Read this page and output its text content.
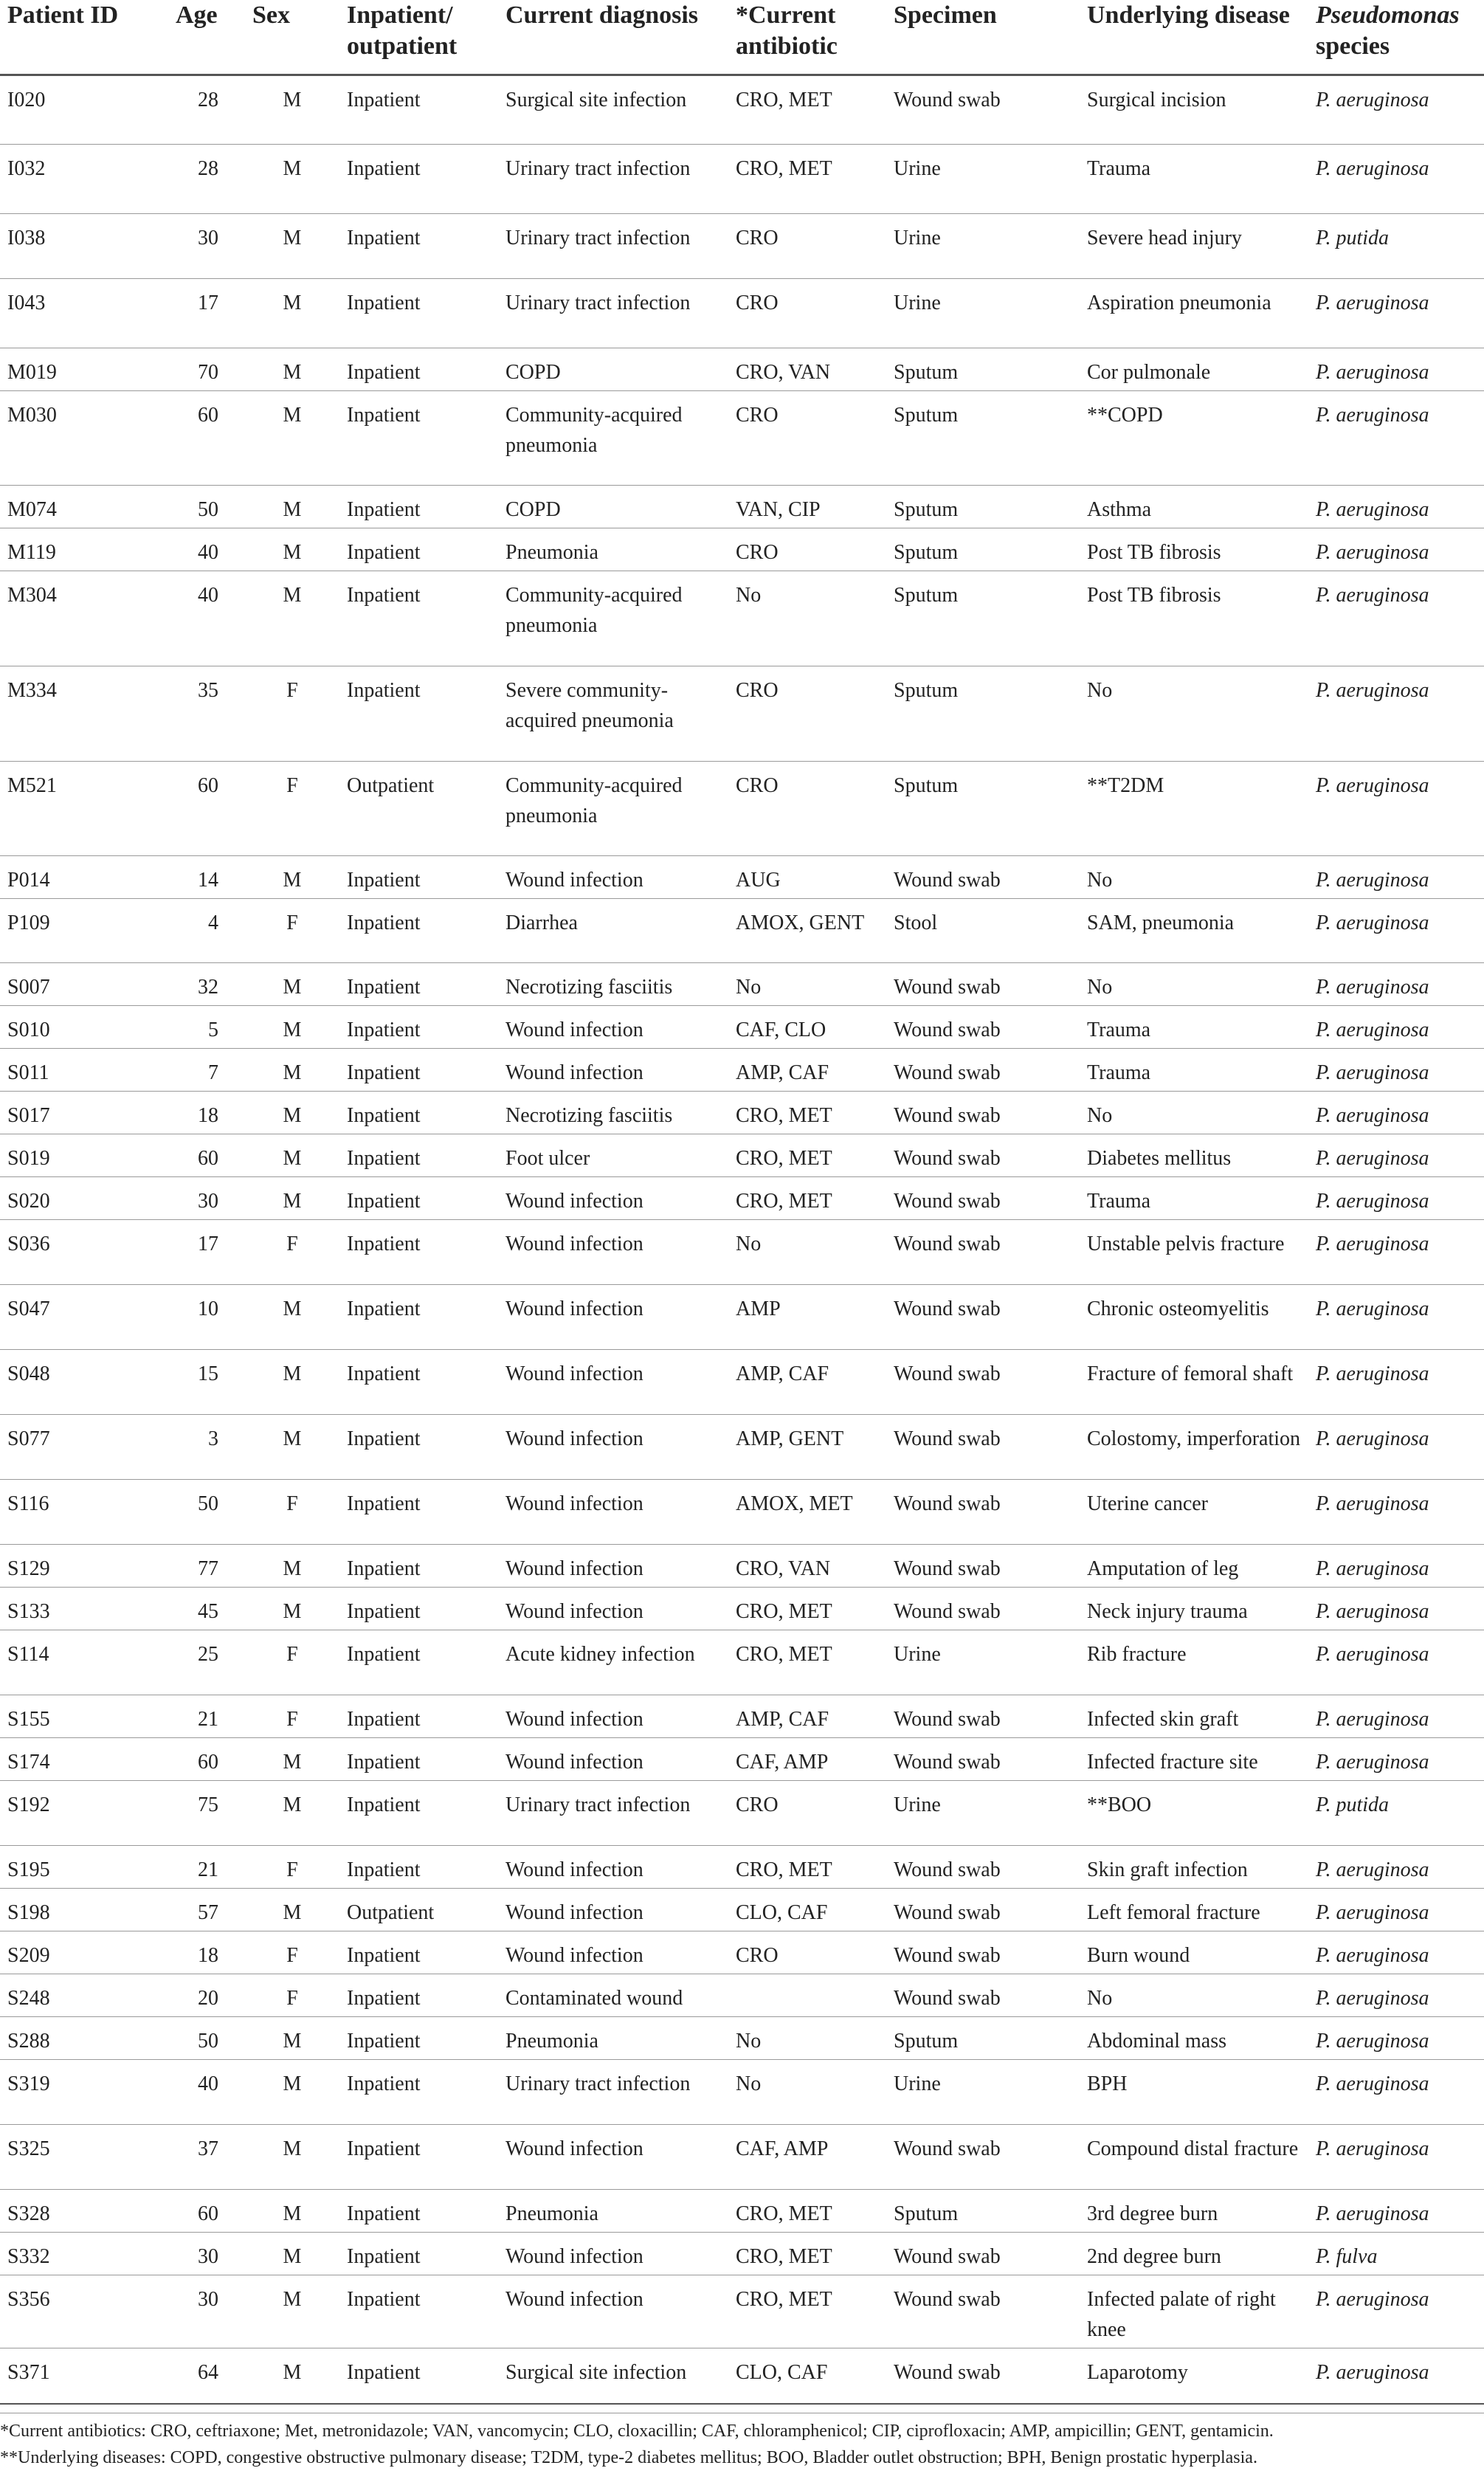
Patient ID	Age	Sex	Inpatient/ outpatient	Current diagnosis	*Current antibiotic	Specimen	Underlying disease	Pseudomonas
species
I020	28	M	Inpatient	Surgical site infection	CRO, MET	Wound swab	Surgical incision	P. aeruginosa
I032	28	M	Inpatient	Urinary tract infection	CRO, MET	Urine	Trauma	P. aeruginosa
I038	30	M	Inpatient	Urinary tract infection	CRO	Urine	Severe head injury	P. putida
I043	17	M	Inpatient	Urinary tract infection	CRO	Urine	Aspiration pneumonia	P. aeruginosa
M019	70	M	Inpatient	COPD	CRO, VAN	Sputum	Cor pulmonale	P. aeruginosa
M030	60	M	Inpatient	Community-acquired pneumonia	CRO	Sputum	**COPD	P. aeruginosa
M074	50	M	Inpatient	COPD	VAN, CIP	Sputum	Asthma	P. aeruginosa
M119	40	M	Inpatient	Pneumonia	CRO	Sputum	Post TB fibrosis	P. aeruginosa
M304	40	M	Inpatient	Community-acquired pneumonia	No	Sputum	Post TB fibrosis	P. aeruginosa
M334	35	F	Inpatient	Severe community-acquired pneumonia	CRO	Sputum	No	P. aeruginosa
M521	60	F	Outpatient	Community-acquired pneumonia	CRO	Sputum	**T2DM	P. aeruginosa
P014	14	M	Inpatient	Wound infection	AUG	Wound swab	No	P. aeruginosa
P109	4	F	Inpatient	Diarrhea	AMOX, GENT	Stool	SAM, pneumonia	P. aeruginosa
S007	32	M	Inpatient	Necrotizing fasciitis	No	Wound swab	No	P. aeruginosa
S010	5	M	Inpatient	Wound infection	CAF, CLO	Wound swab	Trauma	P. aeruginosa
S011	7	M	Inpatient	Wound infection	AMP, CAF	Wound swab	Trauma	P. aeruginosa
S017	18	M	Inpatient	Necrotizing fasciitis	CRO, MET	Wound swab	No	P. aeruginosa
S019	60	M	Inpatient	Foot ulcer	CRO, MET	Wound swab	Diabetes mellitus	P. aeruginosa
S020	30	M	Inpatient	Wound infection	CRO, MET	Wound swab	Trauma	P. aeruginosa
S036	17	F	Inpatient	Wound infection	No	Wound swab	Unstable pelvis fracture	P. aeruginosa
S047	10	M	Inpatient	Wound infection	AMP	Wound swab	Chronic osteomyelitis	P. aeruginosa
S048	15	M	Inpatient	Wound infection	AMP, CAF	Wound swab	Fracture of femoral shaft	P. aeruginosa
S077	3	M	Inpatient	Wound infection	AMP, GENT	Wound swab	Colostomy, imperforation	P. aeruginosa
S116	50	F	Inpatient	Wound infection	AMOX, MET	Wound swab	Uterine cancer	P. aeruginosa
S129	77	M	Inpatient	Wound infection	CRO, VAN	Wound swab	Amputation of leg	P. aeruginosa
S133	45	M	Inpatient	Wound infection	CRO, MET	Wound swab	Neck injury trauma	P. aeruginosa
S114	25	F	Inpatient	Acute kidney infection	CRO, MET	Urine	Rib fracture	P. aeruginosa
S155	21	F	Inpatient	Wound infection	AMP, CAF	Wound swab	Infected skin graft	P. aeruginosa
S174	60	M	Inpatient	Wound infection	CAF, AMP	Wound swab	Infected fracture site	P. aeruginosa
S192	75	M	Inpatient	Urinary tract infection	CRO	Urine	**BOO	P. putida
S195	21	F	Inpatient	Wound infection	CRO, MET	Wound swab	Skin graft infection	P. aeruginosa
S198	57	M	Outpatient	Wound infection	CLO, CAF	Wound swab	Left femoral fracture	P. aeruginosa
S209	18	F	Inpatient	Wound infection	CRO	Wound swab	Burn wound	P. aeruginosa
S248	20	F	Inpatient	Contaminated wound		Wound swab	No	P. aeruginosa
S288	50	M	Inpatient	Pneumonia	No	Sputum	Abdominal mass	P. aeruginosa
S319	40	M	Inpatient	Urinary tract infection	No	Urine	BPH	P. aeruginosa
S325	37	M	Inpatient	Wound infection	CAF, AMP	Wound swab	Compound distal fracture	P. aeruginosa
S328	60	M	Inpatient	Pneumonia	CRO, MET	Sputum	3rd degree burn	P. aeruginosa
S332	30	M	Inpatient	Wound infection	CRO, MET	Wound swab	2nd degree burn	P. fulva
S356	30	M	Inpatient	Wound infection	CRO, MET	Wound swab	Infected palate of right knee	P. aeruginosa
S371	64	M	Inpatient	Surgical site infection	CLO, CAF	Wound swab	Laparotomy	P. aeruginosa

*Current antibiotics: CRO, ceftriaxone; Met, metronidazole; VAN, vancomycin; CLO, cloxacillin; CAF, chloramphenicol; CIP, ciprofloxacin; AMP, ampicillin; GENT, gentamicin.

**Underlying diseases: COPD, congestive obstructive pulmonary disease; T2DM, type-2 diabetes mellitus; BOO, Bladder outlet obstruction; BPH, Benign prostatic hyperplasia.
